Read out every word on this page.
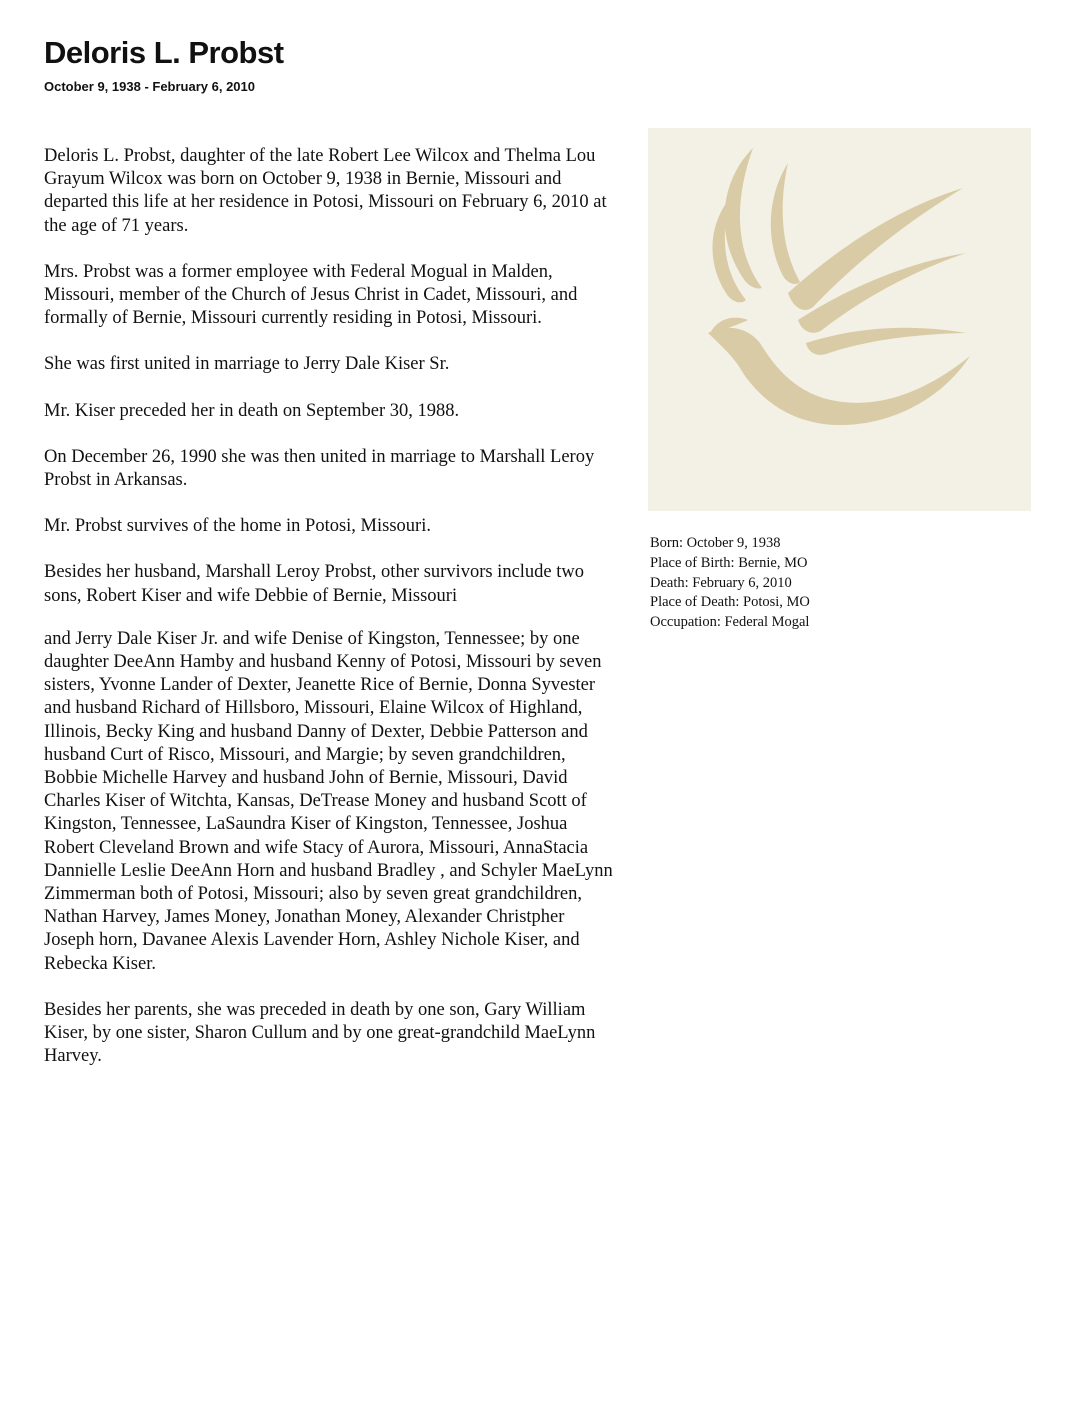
Deloris L. Probst
October 9, 1938 - February 6, 2010

Deloris L. Probst, daughter of the late Robert Lee Wilcox and Thelma Lou Grayum Wilcox was born on October 9, 1938 in Bernie, Missouri and departed this life at her residence in Potosi, Missouri on February 6, 2010 at the age of 71 years.

Mrs. Probst was a former employee with Federal Mogual in Malden, Missouri, member of the Church of Jesus Christ in Cadet, Missouri, and formally of Bernie, Missouri currently residing in Potosi, Missouri.

She was first united in marriage to Jerry Dale Kiser Sr.

Mr. Kiser preceded her in death on September 30, 1988.

On December 26, 1990 she was then united in marriage to Marshall Leroy Probst in Arkansas.

Mr. Probst survives of the home in Potosi, Missouri.

Besides her husband, Marshall Leroy Probst, other survivors include two sons, Robert Kiser and wife Debbie of Bernie, Missouri

and Jerry Dale Kiser Jr. and wife Denise of Kingston, Tennessee; by one daughter DeeAnn Hamby and husband Kenny of Potosi, Missouri by seven sisters, Yvonne Lander of Dexter, Jeanette Rice of Bernie, Donna Syvester and husband Richard of Hillsboro, Missouri, Elaine Wilcox of Highland, Illinois, Becky King and husband Danny of Dexter, Debbie Patterson and husband Curt of Risco, Missouri, and Margie; by seven grandchildren, Bobbie Michelle Harvey and husband John of Bernie, Missouri, David Charles Kiser of Witchta, Kansas, DeTrease Money and husband Scott of Kingston, Tennessee, LaSaundra Kiser of Kingston, Tennessee, Joshua Robert Cleveland Brown and wife Stacy of Aurora, Missouri, AnnaStacia Dannielle Leslie DeeAnn Horn and husband Bradley , and Schyler MaeLynn Zimmerman both of Potosi, Missouri; also by seven great grandchildren, Nathan Harvey, James Money, Jonathan Money, Alexander Christpher Joseph horn, Davanee Alexis Lavender Horn, Ashley Nichole Kiser, and Rebecka Kiser.

Besides her parents, she was preceded in death by one son, Gary William Kiser, by one sister, Sharon Cullum and by one great-grandchild MaeLynn Harvey.

Born: October 9, 1938
Place of Birth: Bernie, MO
Death: February 6, 2010
Place of Death: Potosi, MO
Occupation: Federal Mogal
